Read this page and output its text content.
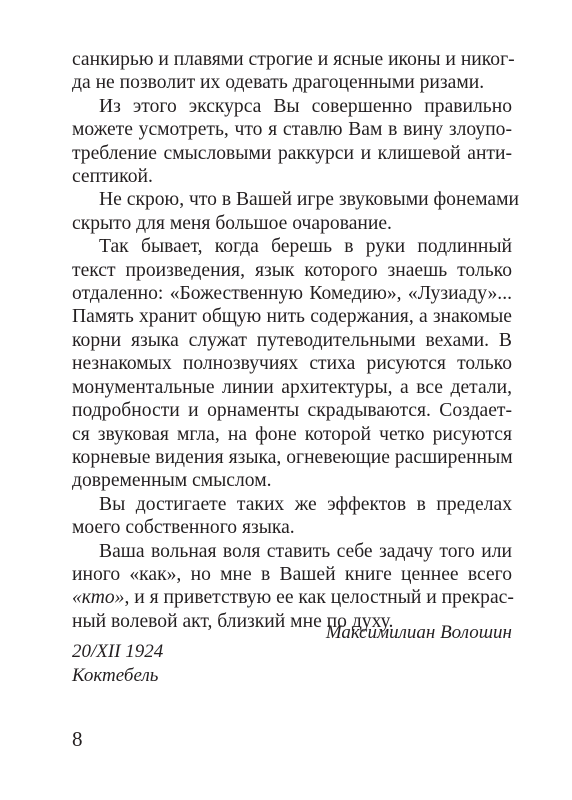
санкирью и плавями строгие и ясные иконы и никог-
да не позволит их одевать драгоценными ризами.
Из этого экскурса Вы совершенно правильно
можете усмотреть, что я ставлю Вам в вину злоупо-
требление смысловыми раккурси и клишевой анти-
септикой.
Не скрою, что в Вашей игре звуковыми фонемами
скрыто для меня большое очарование.
Так бывает, когда берешь в руки подлинный
текст произведения, язык которого знаешь только
отдаленно: «Божественную Комедию», «Лузиаду»...
Память хранит общую нить содержания, а знакомые
корни языка служат путеводительными вехами. В
незнакомых полнозвучиях стиха рисуются только
монументальные линии архитектуры, а все детали,
подробности и орнаменты скрадываются. Создает-
ся звуковая мгла, на фоне которой четко рисуются
корневые видения языка, огневеющие расширенным
довременным смыслом.
Вы достигаете таких же эффектов в пределах
моего собственного языка.
Ваша вольная воля ставить себе задачу того или
иного «как», но мне в Вашей книге ценнее всего
«кто», и я приветствую ее как целостный и прекрас-
ный волевой акт, близкий мне по духу.
Максимилиан Волошин
20/XII 1924
Коктебель
8
